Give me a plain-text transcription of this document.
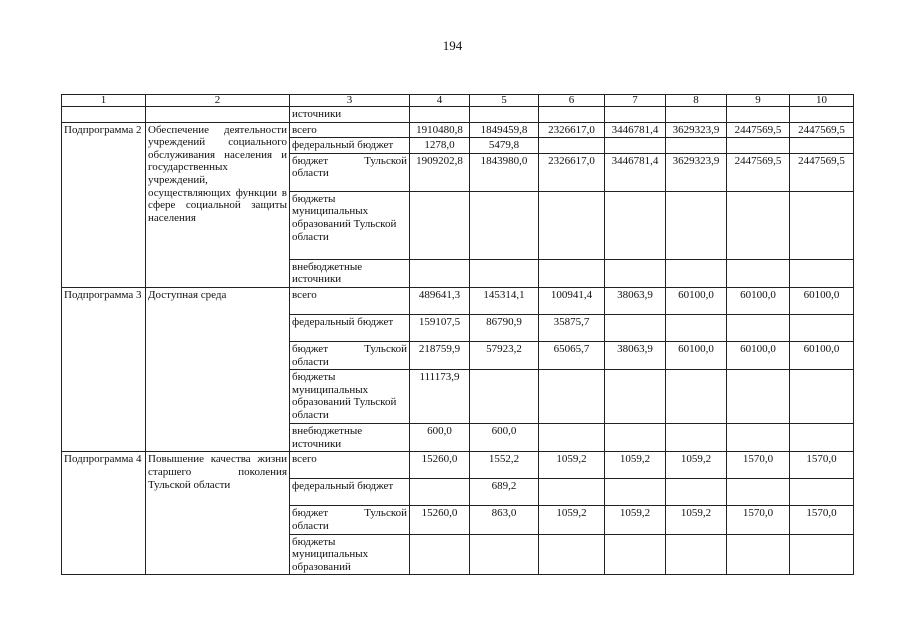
194
1	2	3	4	5	6	7	8	9	10
		источники							
Подпрограмма 2	Обеспечение деятельности учреждений социального обслуживания населения и государственных учреждений, осуществляющих функции в сфере социальной защиты населения	всего	1910480,8	1849459,8	2326617,0	3446781,4	3629323,9	2447569,5	2447569,5
		федеральный бюджет	1278,0	5479,8					
		бюджет Тульской области	1909202,8	1843980,0	2326617,0	3446781,4	3629323,9	2447569,5	2447569,5
		бюджеты муниципальных образований Тульской области							
		внебюджетные источники							
Подпрограмма 3	Доступная среда	всего	489641,3	145314,1	100941,4	38063,9	60100,0	60100,0	60100,0
		федеральный бюджет	159107,5	86790,9	35875,7				
		бюджет Тульской области	218759,9	57923,2	65065,7	38063,9	60100,0	60100,0	60100,0
		бюджеты муниципальных образований Тульской области	111173,9						
		внебюджетные источники	600,0	600,0					
Подпрограмма 4	Повышение качества жизни старшего поколения Тульской области	всего	15260,0	1552,2	1059,2	1059,2	1059,2	1570,0	1570,0
		федеральный бюджет		689,2					
		бюджет Тульской области	15260,0	863,0	1059,2	1059,2	1059,2	1570,0	1570,0
		бюджеты муниципальных образований							
